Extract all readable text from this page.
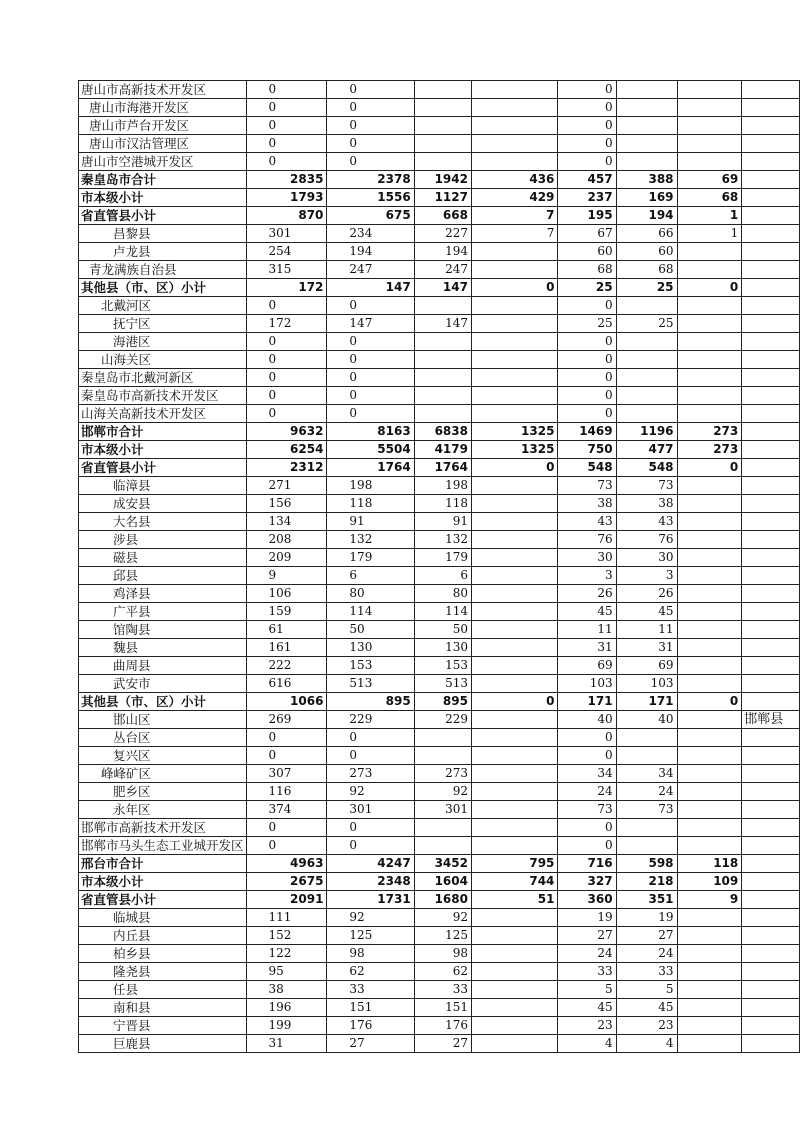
唐山市高新技术开发区	0	0			0			
唐山市海港开发区	0	0			0			
唐山市芦台开发区	0	0			0			
唐山市汉沽管理区	0	0			0			
唐山市空港城开发区	0	0			0			
秦皇岛市合计	2835	2378	1942	436	457	388	69	
市本级小计	1793	1556	1127	429	237	169	68	
省直管县小计	870	675	668	7	195	194	1	
昌黎县	301	234	227	7	67	66	1	
卢龙县	254	194	194		60	60		
青龙满族自治县	315	247	247		68	68		
其他县（市、区）小计	172	147	147	0	25	25	0	
北戴河区	0	0			0			
抚宁区	172	147	147		25	25		
海港区	0	0			0			
山海关区	0	0			0			
秦皇岛市北戴河新区	0	0			0			
秦皇岛市高新技术开发区	0	0			0			
山海关高新技术开发区	0	0			0			
邯郸市合计	9632	8163	6838	1325	1469	1196	273	
市本级小计	6254	5504	4179	1325	750	477	273	
省直管县小计	2312	1764	1764	0	548	548	0	
临漳县	271	198	198		73	73		
成安县	156	118	118		38	38		
大名县	134	91	91		43	43		
涉县	208	132	132		76	76		
磁县	209	179	179		30	30		
邱县	9	6	6		3	3		
鸡泽县	106	80	80		26	26		
广平县	159	114	114		45	45		
馆陶县	61	50	50		11	11		
魏县	161	130	130		31	31		
曲周县	222	153	153		69	69		
武安市	616	513	513		103	103		
其他县（市、区）小计	1066	895	895	0	171	171	0	
邯山区	269	229	229		40	40		邯郸县
丛台区	0	0			0			
复兴区	0	0			0			
峰峰矿区	307	273	273		34	34		
肥乡区	116	92	92		24	24		
永年区	374	301	301		73	73		
邯郸市高新技术开发区	0	0			0			
邯郸市马头生态工业城开发区	0	0			0			
邢台市合计	4963	4247	3452	795	716	598	118	
市本级小计	2675	2348	1604	744	327	218	109	
省直管县小计	2091	1731	1680	51	360	351	9	
临城县	111	92	92		19	19		
内丘县	152	125	125		27	27		
柏乡县	122	98	98		24	24		
隆尧县	95	62	62		33	33		
任县	38	33	33		5	5		
南和县	196	151	151		45	45		
宁晋县	199	176	176		23	23		
巨鹿县	31	27	27		4	4		
